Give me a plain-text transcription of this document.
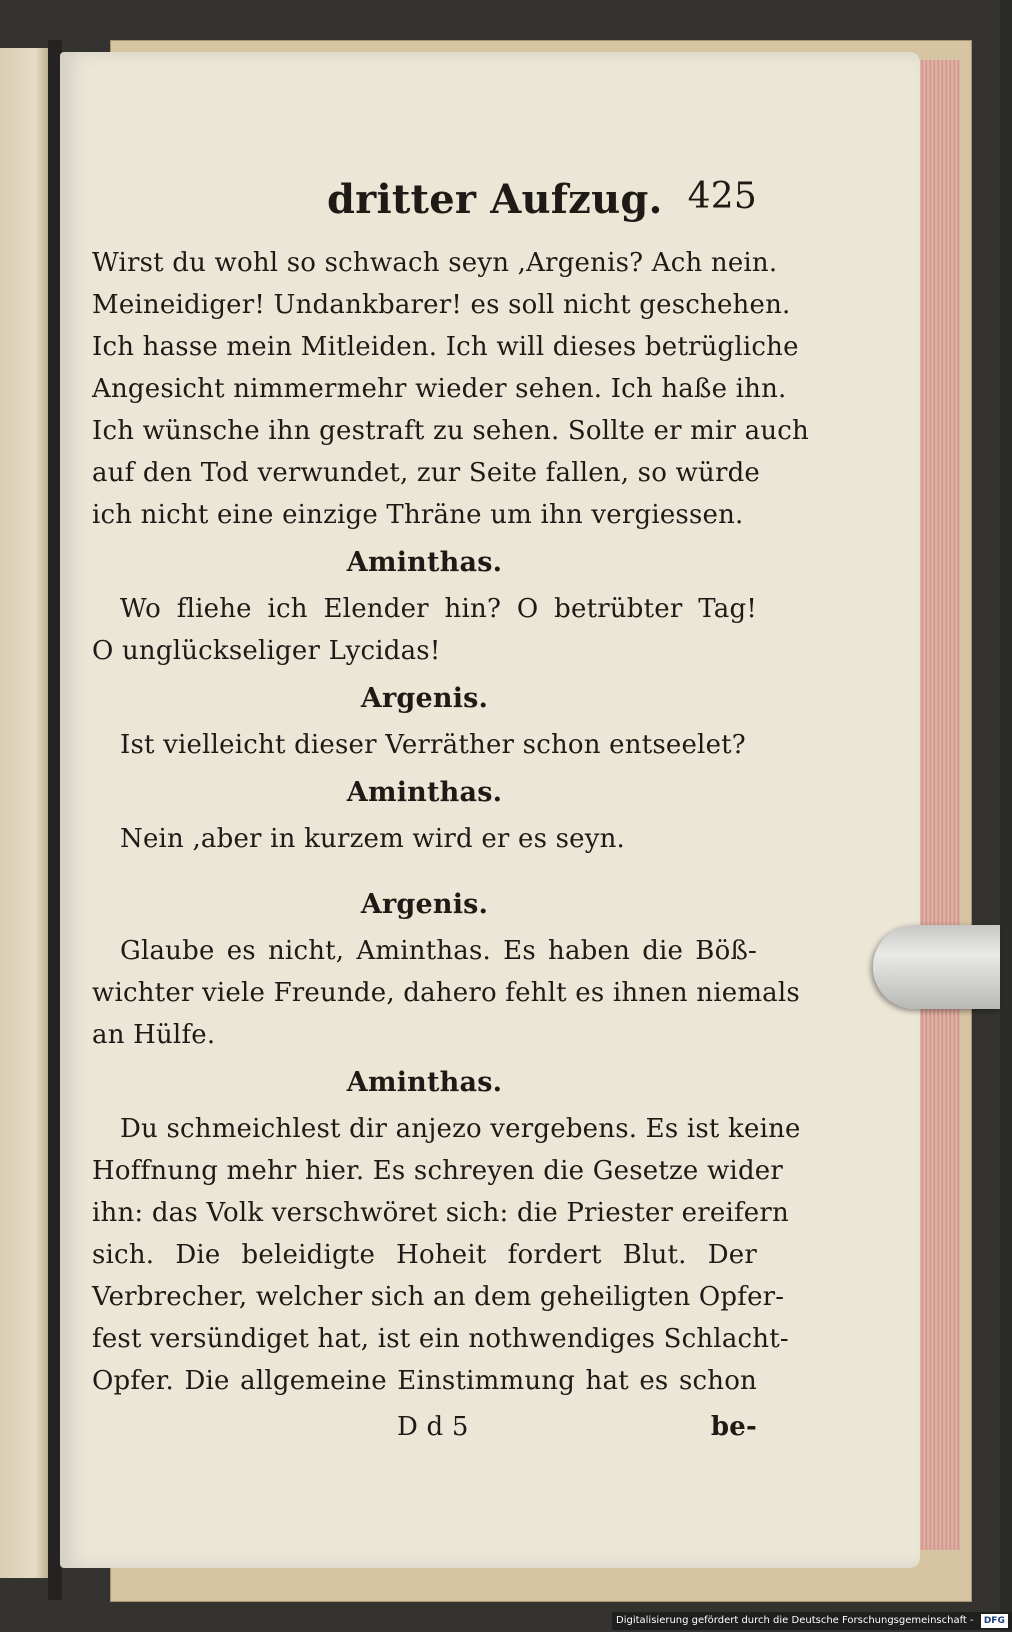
dritter Aufzug. 425
Wirst du wohl so schwach seyn ,Argenis? Ach nein.
Meineidiger! Undankbarer! es soll nicht geschehen.
Ich hasse mein Mitleiden. Ich will dieses betrügliche
Angesicht nimmermehr wieder sehen. Ich haße ihn.
Ich wünsche ihn gestraft zu sehen. Sollte er mir auch
auf den Tod verwundet, zur Seite fallen, so würde
ich nicht eine einzige Thräne um ihn vergiessen.
Aminthas.
Wo fliehe ich Elender hin? O betrübter Tag!
O unglückseliger Lycidas!
Argenis.
Ist vielleicht dieser Verräther schon entseelet?
Aminthas.
Nein ,aber in kurzem wird er es seyn.
Argenis.
Glaube es nicht, Aminthas. Es haben die Böß-
wichter viele Freunde, dahero fehlt es ihnen niemals
an Hülfe.
Aminthas.
Du schmeichlest dir anjezo vergebens. Es ist keine
Hoffnung mehr hier. Es schreyen die Gesetze wider
ihn: das Volk verschwöret sich: die Priester ereifern
sich. Die beleidigte Hoheit fordert Blut. Der
Verbrecher, welcher sich an dem geheiligten Opfer-
fest versündiget hat, ist ein nothwendiges Schlacht-
Opfer. Die allgemeine Einstimmung hat es schon
D d 5	be-
Digitalisierung gefördert durch die Deutsche Forschungsgemeinschaft - DFG
